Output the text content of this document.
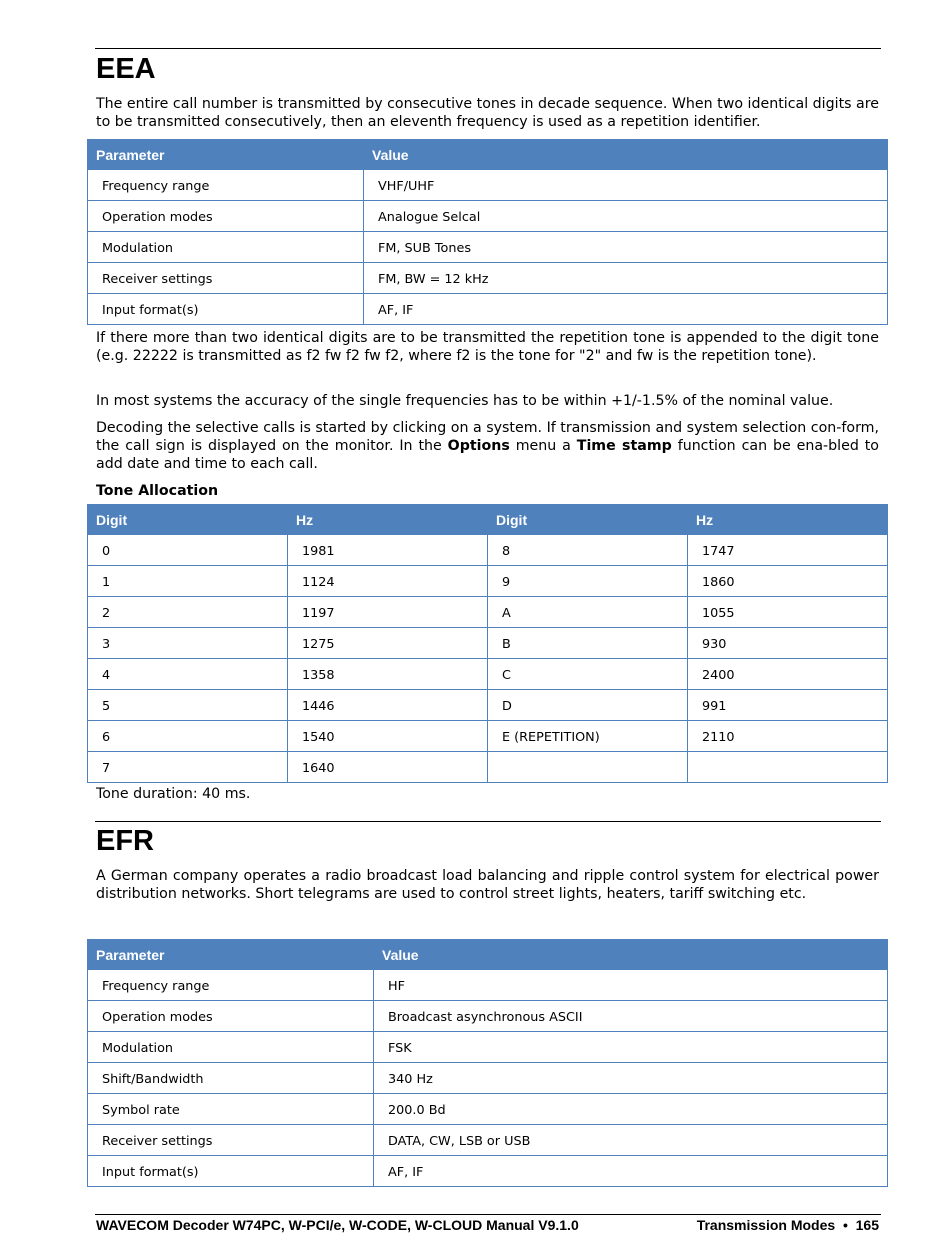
EEA

The entire call number is transmitted by consecutive tones in decade sequence. When two identical digits are to be transmitted consecutively, then an eleventh frequency is used as a repetition identifier.

Parameter	Value
Frequency range	VHF/UHF
Operation modes	Analogue Selcal
Modulation	FM, SUB Tones
Receiver settings	FM, BW = 12 kHz
Input format(s)	AF, IF

If there more than two identical digits are to be transmitted the repetition tone is appended to the digit tone (e.g. 22222 is transmitted as f2 fw f2 fw f2, where f2 is the tone for "2" and fw is the repetition tone).

In most systems the accuracy of the single frequencies has to be within +1/-1.5% of the nominal value.

Decoding the selective calls is started by clicking on a system. If transmission and system selection con-form, the call sign is displayed on the monitor. In the Options menu a Time stamp function can be ena-bled to add date and time to each call.

Tone Allocation
Digit	Hz	Digit	Hz
0	1981	8	1747
1	1124	9	1860
2	1197	A	1055
3	1275	B	930
4	1358	C	2400
5	1446	D	991
6	1540	E (REPETITION)	2110
7	1640		

Tone duration: 40 ms.

EFR

A German company operates a radio broadcast load balancing and ripple control system for electrical power distribution networks. Short telegrams are used to control street lights, heaters, tariff switching etc.

Parameter	Value
Frequency range	HF
Operation modes	Broadcast asynchronous ASCII
Modulation	FSK
Shift/Bandwidth	340 Hz
Symbol rate	200.0 Bd
Receiver settings	DATA, CW, LSB or USB
Input format(s)	AF, IF
WAVECOM Decoder W74PC, W-PCI/e, W-CODE, W-CLOUD Manual V9.1.0	Transmission Modes • 165
